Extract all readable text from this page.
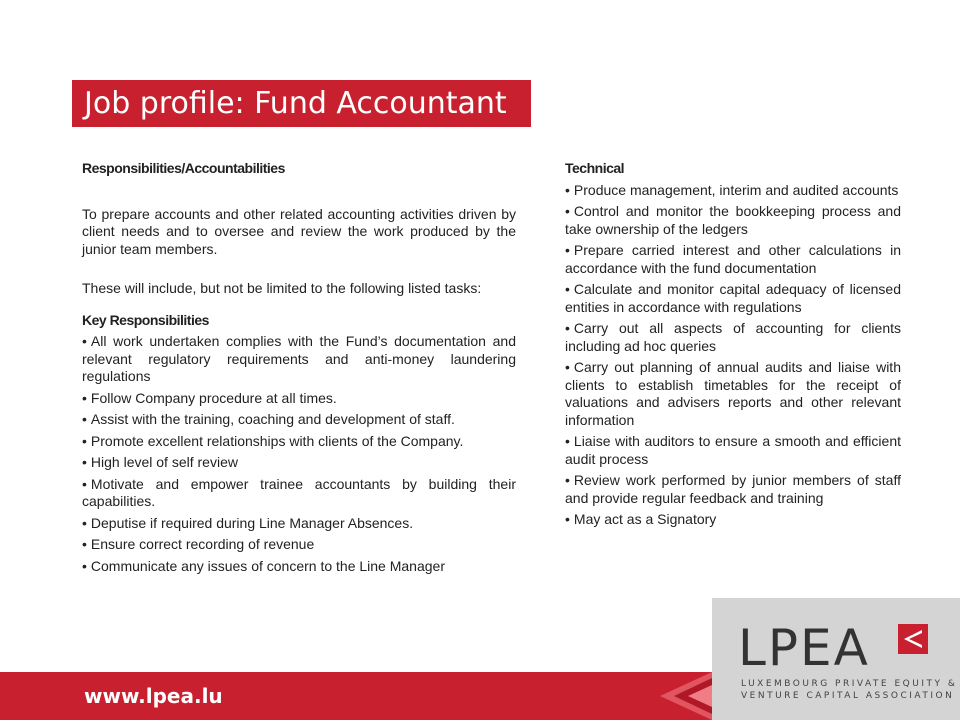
Job profile: Fund Accountant

Responsibilities/Accountabilities

To prepare accounts and other related accounting activities driven by client needs and to oversee and review the work produced by the junior team members.

These will include, but not be limited to the following listed tasks:

Key Responsibilities

• All work undertaken complies with the Fund’s documentation and relevant regulatory requirements and anti-money laundering regulations

• Follow Company procedure at all times.

• Assist with the training, coaching and development of staff.

• Promote excellent relationships with clients of the Company.

• High level of self review

• Motivate and empower trainee accountants by building their capabilities.

• Deputise if required during Line Manager Absences.

• Ensure correct recording of revenue

• Communicate any issues of concern to the Line Manager

Technical

• Produce management, interim and audited accounts

• Control and monitor the bookkeeping process and take ownership of the ledgers

• Prepare carried interest and other calculations in accordance with the fund documentation

• Calculate and monitor capital adequacy of licensed entities in accordance with regulations

• Carry out all aspects of accounting for clients including ad hoc queries

• Carry out planning of annual audits and liaise with clients to establish timetables for the receipt of valuations and advisers reports and other relevant information

• Liaise with auditors to ensure a smooth and efficient audit process

• Review work performed by junior members of staff and provide regular feedback and training

• May act as a Signatory

www.lpea.lu
LPEA
LUXEMBOURG PRIVATE EQUITY &
VENTURE CAPITAL ASSOCIATION
